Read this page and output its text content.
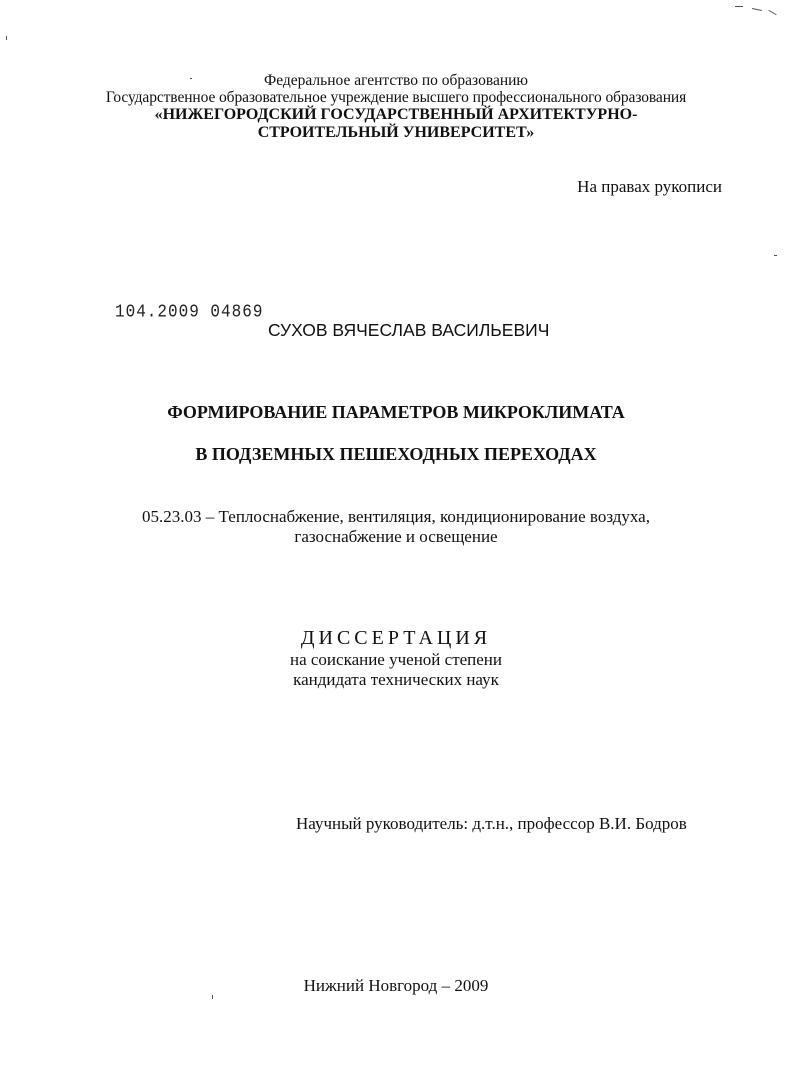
Федеральное агентство по образованию
Государственное образовательное учреждение высшего профессионального образования
«НИЖЕГОРОДСКИЙ ГОСУДАРСТВЕННЫЙ АРХИТЕКТУРНО-
СТРОИТЕЛЬНЫЙ УНИВЕРСИТЕТ»
На правах рукописи
104.2009 04869
СУХОВ ВЯЧЕСЛАВ ВАСИЛЬЕВИЧ
ФОРМИРОВАНИЕ ПАРАМЕТРОВ МИКРОКЛИМАТА
В ПОДЗЕМНЫХ ПЕШЕХОДНЫХ ПЕРЕХОДАХ
05.23.03 – Теплоснабжение, вентиляция, кондиционирование воздуха,
газоснабжение и освещение
ДИССЕРТАЦИЯ
на соискание ученой степени
кандидата технических наук
Научный руководитель: д.т.н., профессор В.И. Бодров
Нижний Новгород – 2009
